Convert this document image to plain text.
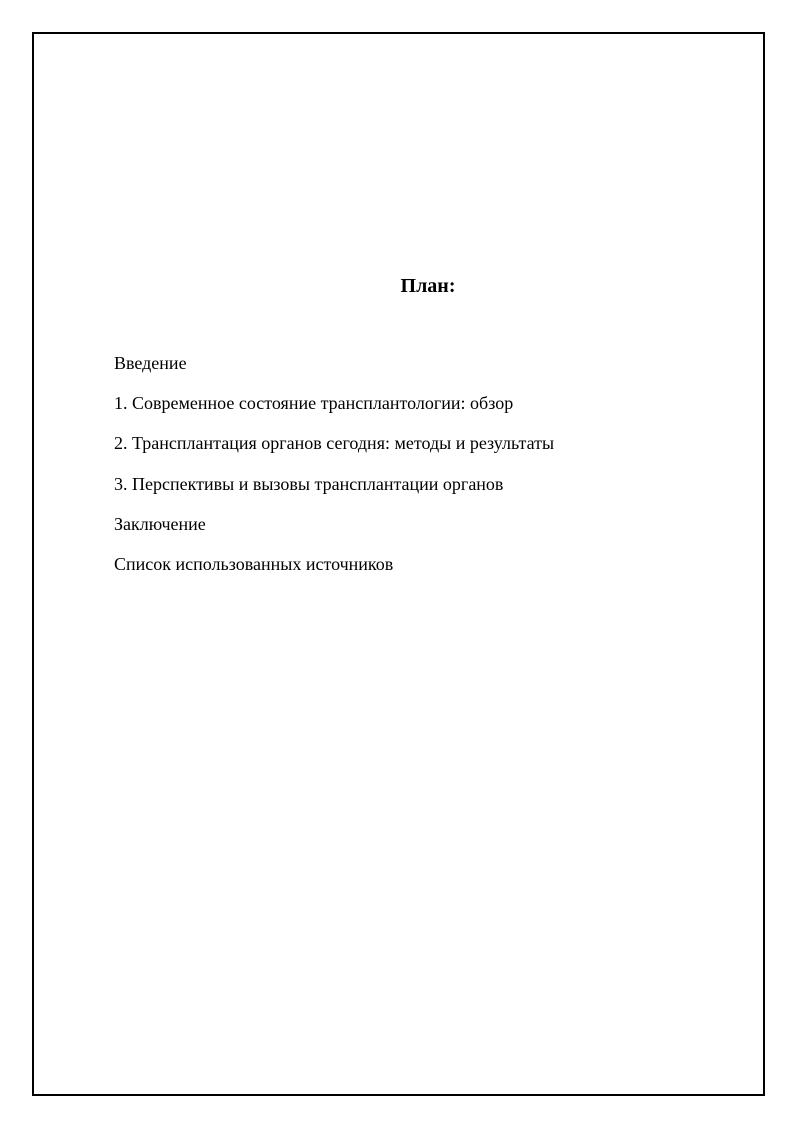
План:
Введение
1. Современное состояние трансплантологии: обзор
2. Трансплантация органов сегодня: методы и результаты
3. Перспективы и вызовы трансплантации органов
Заключение
Список использованных источников
